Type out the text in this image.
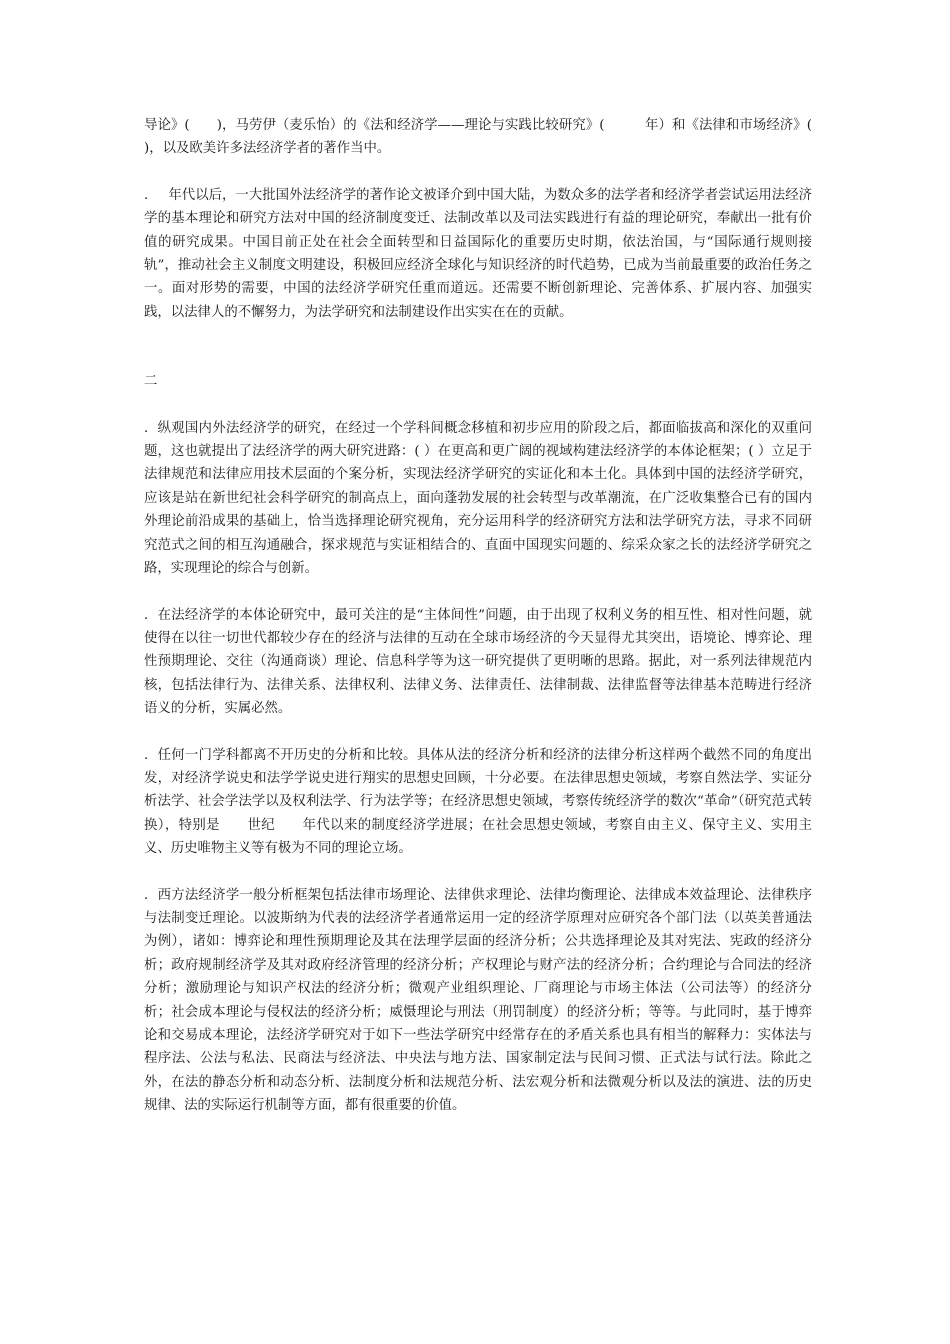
导论》(　　)，马劳伊（麦乐怡）的《法和经济学——理论与实践比较研究》(　　　年）和《法律和市场经济》(　　)，以及欧美许多法经济学者的著作当中。

．　 年代以后，一大批国外法经济学的著作论文被译介到中国大陆，为数众多的法学者和经济学者尝试运用法经济学的基本理论和研究方法对中国的经济制度变迁、法制改革以及司法实践进行有益的理论研究，奉献出一批有价值的研究成果。中国目前正处在社会全面转型和日益国际化的重要历史时期，依法治国，与“国际通行规则接轨”，推动社会主义制度文明建设，积极回应经济全球化与知识经济的时代趋势，已成为当前最重要的政治任务之一。面对形势的需要，中国的法经济学研究任重而道远。还需要不断创新理论、完善体系、扩展内容、加强实践，以法律人的不懈努力，为法学研究和法制建设作出实实在在的贡献。

二

．纵观国内外法经济学的研究，在经过一个学科间概念移植和初步应用的阶段之后，都面临拔高和深化的双重问题，这也就提出了法经济学的两大研究进路：( ）在更高和更广阔的视域构建法经济学的本体论框架；( ）立足于法律规范和法律应用技术层面的个案分析，实现法经济学研究的实证化和本土化。具体到中国的法经济学研究，应该是站在新世纪社会科学研究的制高点上，面向蓬勃发展的社会转型与改革潮流，在广泛收集整合已有的国内外理论前沿成果的基础上，恰当选择理论研究视角，充分运用科学的经济研究方法和法学研究方法，寻求不同研究范式之间的相互沟通融合，探求规范与实证相结合的、直面中国现实问题的、综采众家之长的法经济学研究之路，实现理论的综合与创新。

．在法经济学的本体论研究中，最可关注的是“主体间性”问题，由于出现了权利义务的相互性、相对性问题，就使得在以往一切世代都较少存在的经济与法律的互动在全球市场经济的今天显得尤其突出，语境论、博弈论、理性预期理论、交往（沟通商谈）理论、信息科学等为这一研究提供了更明晰的思路。据此，对一系列法律规范内核，包括法律行为、法律关系、法律权利、法律义务、法律责任、法律制裁、法律监督等法律基本范畴进行经济语义的分析，实属必然。

．任何一门学科都离不开历史的分析和比较。具体从法的经济分析和经济的法律分析这样两个截然不同的角度出发，对经济学说史和法学学说史进行翔实的思想史回顾，十分必要。在法律思想史领域，考察自然法学、实证分析法学、社会学法学以及权利法学、行为法学等；在经济思想史领域，考察传统经济学的数次“革命”（研究范式转换），特别是　　世纪　　年代以来的制度经济学进展；在社会思想史领域，考察自由主义、保守主义、实用主义、历史唯物主义等有极为不同的理论立场。

．西方法经济学一般分析框架包括法律市场理论、法律供求理论、法律均衡理论、法律成本效益理论、法律秩序与法制变迁理论。以波斯纳为代表的法经济学者通常运用一定的经济学原理对应研究各个部门法（以英美普通法为例），诸如：博弈论和理性预期理论及其在法理学层面的经济分析；公共选择理论及其对宪法、宪政的经济分析；政府规制经济学及其对政府经济管理的经济分析；产权理论与财产法的经济分析；合约理论与合同法的经济分析；激励理论与知识产权法的经济分析；微观产业组织理论、厂商理论与市场主体法（公司法等）的经济分析；社会成本理论与侵权法的经济分析；威慑理论与刑法（刑罚制度）的经济分析；等等。与此同时，基于博弈论和交易成本理论，法经济学研究对于如下一些法学研究中经常存在的矛盾关系也具有相当的解释力：实体法与程序法、公法与私法、民商法与经济法、中央法与地方法、国家制定法与民间习惯、正式法与试行法。除此之外，在法的静态分析和动态分析、法制度分析和法规范分析、法宏观分析和法微观分析以及法的演进、法的历史规律、法的实际运行机制等方面，都有很重要的价值。
